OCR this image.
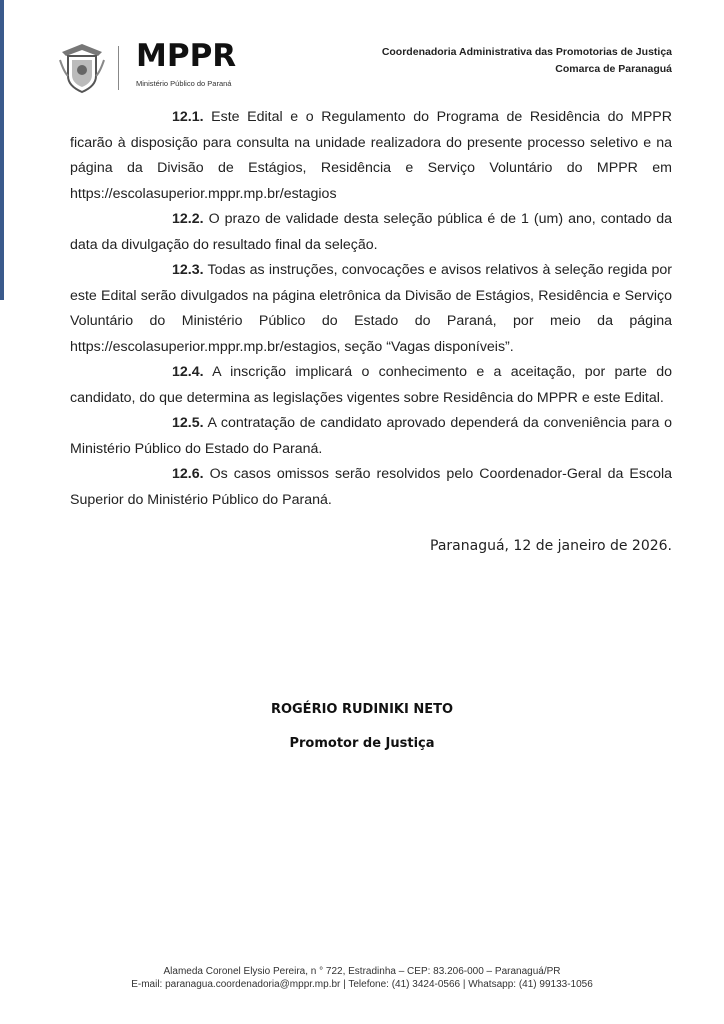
MPPR
Ministério Público do Paraná
Coordenadoria Administrativa das Promotorias de Justiça
Comarca de Paranaguá

12.1. Este Edital e o Regulamento do Programa de Residência do MPPR ficarão à disposição para consulta na unidade realizadora do presente processo seletivo e na página da Divisão de Estágios, Residência e Serviço Voluntário do MPPR em https://escolasuperior.mppr.mp.br/estagios

12.2. O prazo de validade desta seleção pública é de 1 (um) ano, contado da data da divulgação do resultado final da seleção.

12.3. Todas as instruções, convocações e avisos relativos à seleção regida por este Edital serão divulgados na página eletrônica da Divisão de Estágios, Residência e Serviço Voluntário do Ministério Público do Estado do Paraná, por meio da página https://escolasuperior.mppr.mp.br/estagios, seção “Vagas disponíveis”.

12.4. A inscrição implicará o conhecimento e a aceitação, por parte do candidato, do que determina as legislações vigentes sobre Residência do MPPR e este Edital.

12.5. A contratação de candidato aprovado dependerá da conveniência para o Ministério Público do Estado do Paraná.

12.6. Os casos omissos serão resolvidos pelo Coordenador-Geral da Escola Superior do Ministério Público do Paraná.

Paranaguá, 12 de janeiro de 2026.
ROGÉRIO RUDINIKI NETO
Promotor de Justiça
Alameda Coronel Elysio Pereira, n ° 722, Estradinha – CEP: 83.206-000 – Paranaguá/PR
E-mail: paranagua.coordenadoria@mppr.mp.br | Telefone: (41) 3424-0566 | Whatsapp: (41) 99133-1056
